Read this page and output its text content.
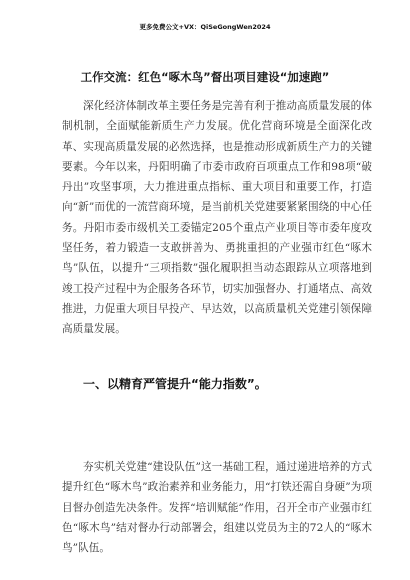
更多免费公文+VX：QiSeGongWen2024
工作交流：红色“啄木鸟”督出项目建设“加速跑”
深化经济体制改革主要任务是完善有利于推动高质量发展的体制机制，全面赋能新质生产力发展。优化营商环境是全面深化改革、实现高质量发展的必然选择，也是推动形成新质生产力的关键要素。今年以来，丹阳明确了市委市政府百项重点工作和98项“破丹出”攻坚事项，大力推进重点指标、重大项目和重要工作，打造向“新”而优的一流营商环境，是当前机关党建要紧紧围绕的中心任务。丹阳市委市级机关工委锚定205个重点产业项目等市委年度攻坚任务，着力锻造一支敢拼善为、勇挑重担的产业强市红色“啄木鸟”队伍，以提升“三项指数”强化履职担当动态跟踪从立项落地到竣工投产过程中为企服务各环节，切实加强督办、打通堵点、高效推进，力促重大项目早投产、早达效，以高质量机关党建引领保障高质量发展。
一、以精育严管提升“能力指数”。
夯实机关党建“建设队伍”这一基础工程，通过递进培养的方式提升红色“啄木鸟”政治素养和业务能力，用“打铁还需自身硬”为项目督办创造先决条件。发挥“培训赋能”作用，召开全市产业强市红色“啄木鸟”结对督办行动部署会，组建以党员为主的72人的“啄木鸟”队伍。
